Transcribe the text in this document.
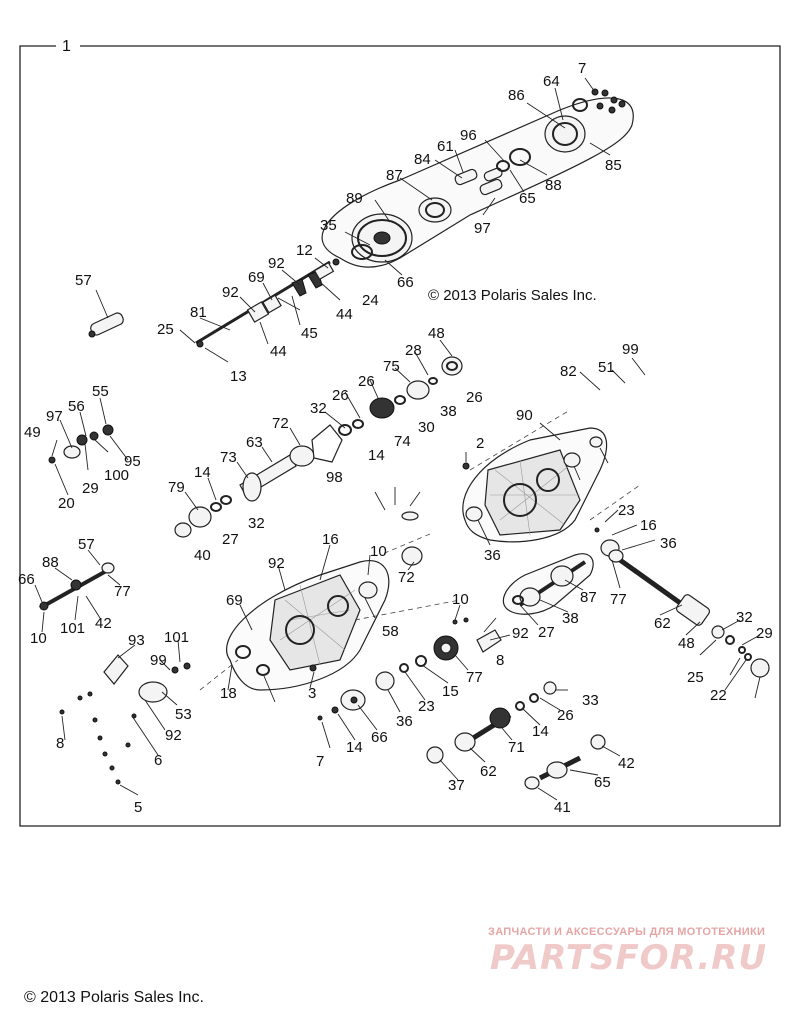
1
7
64
86
85
88
96
61
84
87
65
89
35	97
12
92
66
24
69
92
81	44
45
44
25
13
57
48
28
75
26
26
32
26
38
30
74
14
98
72
63
73
14
79
27
32
40
2
90
82 51
99
36
23
16
36
77
87
38
27
62
48
32
29
25
22
10
92
8
77
15
23
36
66
14
7
33
26
14
71
62
37
42
65
41
16
92
10
72
58
69
18	3
49
97
56
55
20
29
100
95
57
88
66
77
42
101
10	93 101
99
53
92
8
6
5
© 2013 Polaris Sales Inc.
ЗАПЧАСТИ И АКСЕССУАРЫ ДЛЯ МОТОТЕХНИКИ
PARTSFOR.RU
© 2013 Polaris Sales Inc.
